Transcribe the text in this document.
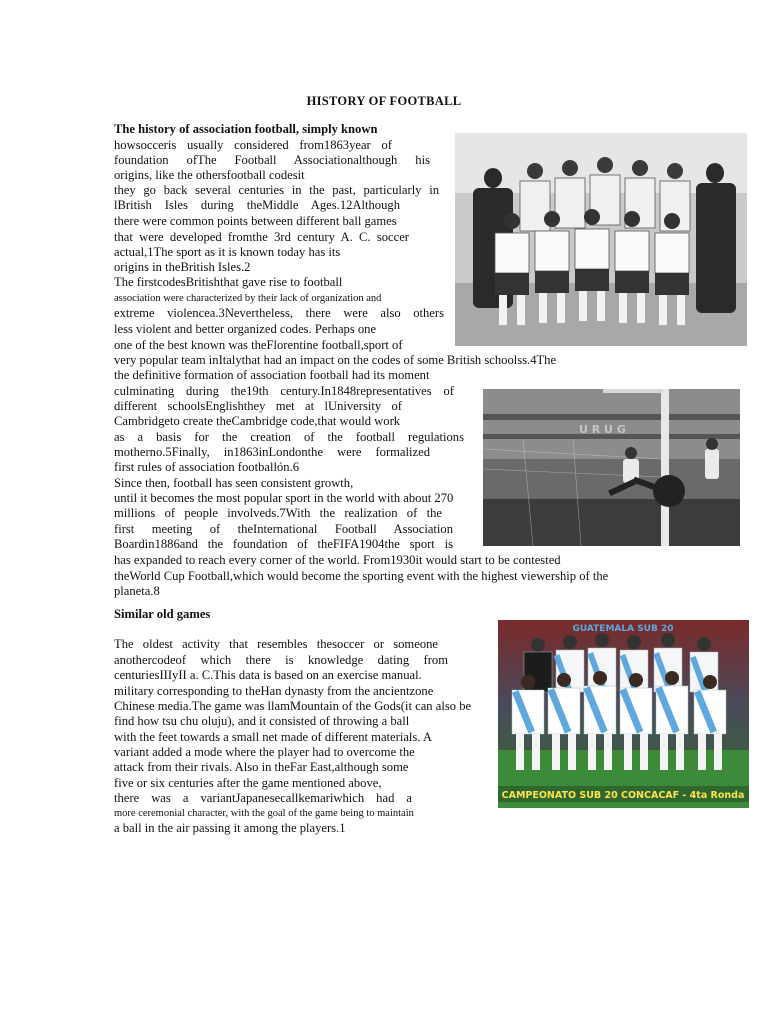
HISTORY OF FOOTBALL
The history of association football, simply known
howsocceris usually considered from1863year of
foundation ofThe Football Associationalthough his
origins, like the othersfootball codesit
they go back several centuries in the past, particularly in
lBritish Isles during theMiddle Ages.12Although
there were common points between different ball games
that were developed fromthe 3rd century A. C. soccer
actual,1The sport as it is known today has its
origins in theBritish Isles.2
The firstcodesBritishthat gave rise to football
association were characterized by their lack of organization and
extreme violencea.3Nevertheless, there were also others
less violent and better organized codes. Perhaps one
one of the best known was theFlorentine football,sport of
very popular team inItalythat had an impact on the codes of some British schoolss.4The
the definitive formation of association football had its moment
culminating during the19th century.In1848representatives of
different schoolsEnglishthey met at lUniversity of
Cambridgeto create theCambridge code,that would work
as a basis for the creation of the football regulations
motherno.5Finally, in1863inLondonthe were formalized
first rules of association footballón.6
Since then, football has seen consistent growth,
until it becomes the most popular sport in the world with about 270
millions of people involveds.7With the realization of the
first meeting of theInternational Football Association
Boardin1886and the foundation of theFIFA1904the sport is
has expanded to reach every corner of the world. From1930it would start to be contested
theWorld Cup Football,which would become the sporting event with the highest viewership of the
planeta.8
Similar old games
The oldest activity that resembles thesoccer or someone
anothercodeof which there is knowledge dating from
centuriesIIIyII a. C.This data is based on an exercise manual.
military corresponding to theHan dynasty from the ancientzone
Chinese media.The game was llamMountain of the Gods(it can also be
find how tsu chu oluju), and it consisted of throwing a ball
with the feet towards a small net made of different materials. A
variant added a mode where the player had to overcome the
attack from their rivals. Also in theFar East,although some
five or six centuries after the game mentioned above,
there was a variantJapanesecallkemariwhich had a
more ceremonial character, with the goal of the game being to maintain
a ball in the air passing it among the players.1
U R U G
GUATEMALA SUB 20
CAMPEONATO SUB 20 CONCACAF - 4ta Ronda
